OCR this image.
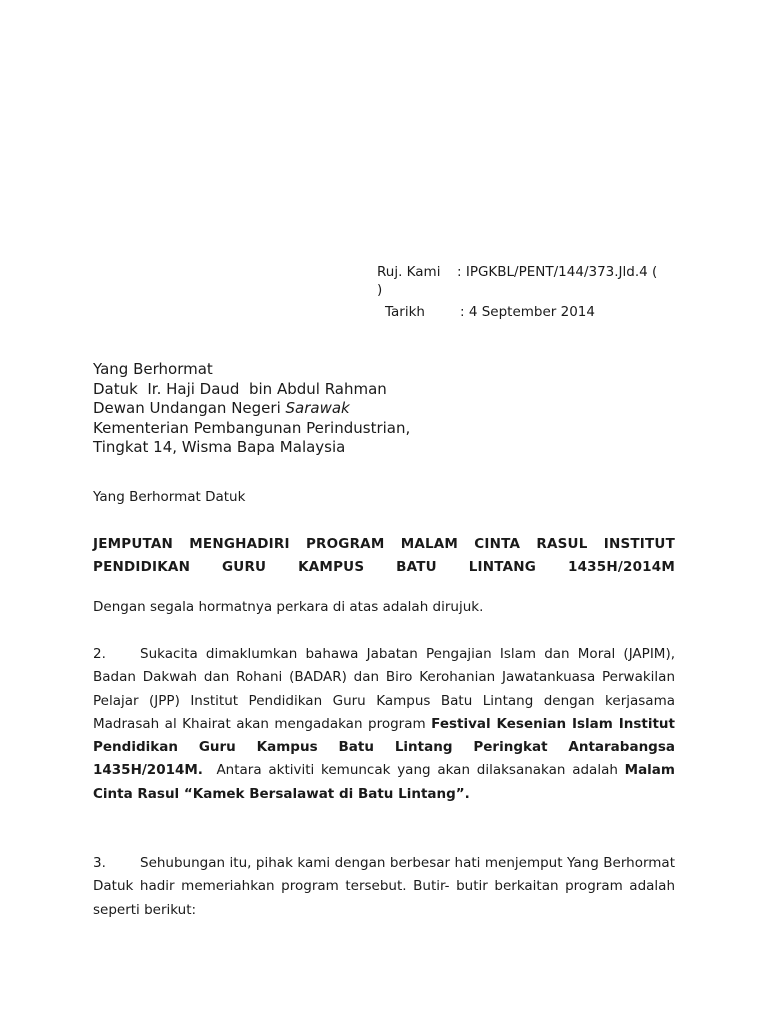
Ruj. Kami : IPGKBL/PENT/144/373.Jld.4 (
)
Tarikh	: 4 September 2014
Yang Berhormat
Datuk  Ir. Haji Daud  bin Abdul Rahman
Dewan Undangan Negeri Sarawak
Kementerian Pembangunan Perindustrian,
Tingkat 14, Wisma Bapa Malaysia
Yang Berhormat Datuk
JEMPUTAN MENGHADIRI PROGRAM MALAM CINTA RASUL INSTITUT PENDIDIKAN GURU KAMPUS BATU LINTANG 1435H/2014M
Dengan segala hormatnya perkara di atas adalah dirujuk.
2.	Sukacita dimaklumkan bahawa Jabatan Pengajian Islam dan Moral (JAPIM), Badan Dakwah dan Rohani (BADAR) dan Biro Kerohanian Jawatankuasa Perwakilan Pelajar (JPP) Institut Pendidikan Guru Kampus Batu Lintang dengan kerjasama Madrasah al Khairat akan mengadakan program Festival Kesenian Islam Institut Pendidikan Guru Kampus Batu Lintang Peringkat Antarabangsa 1435H/2014M.  Antara aktiviti kemuncak yang akan dilaksanakan adalah Malam Cinta Rasul “Kamek Bersalawat di Batu Lintang”.
3.	Sehubungan itu, pihak kami dengan berbesar hati menjemput Yang Berhormat Datuk hadir memeriahkan program tersebut. Butir- butir berkaitan program adalah seperti berikut:
